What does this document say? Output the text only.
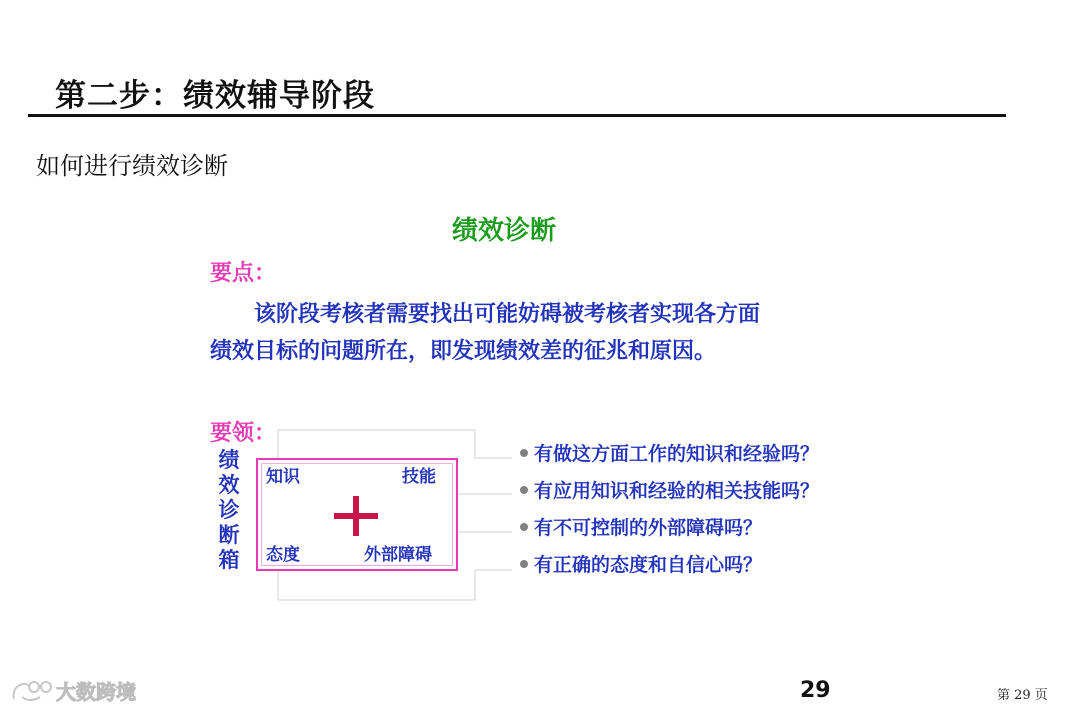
第二步：绩效辅导阶段
如何进行绩效诊断
绩效诊断
要点：
该阶段考核者需要找出可能妨碍被考核者实现各方面
绩效目标的问题所在，即发现绩效差的征兆和原因。
要领：
绩
效
诊
断
箱
知识	技能
态度	外部障碍
有做这方面工作的知识和经验吗？
有应用知识和经验的相关技能吗？
有不可控制的外部障碍吗？
有正确的态度和自信心吗？
大数跨境	29	第 29 页
